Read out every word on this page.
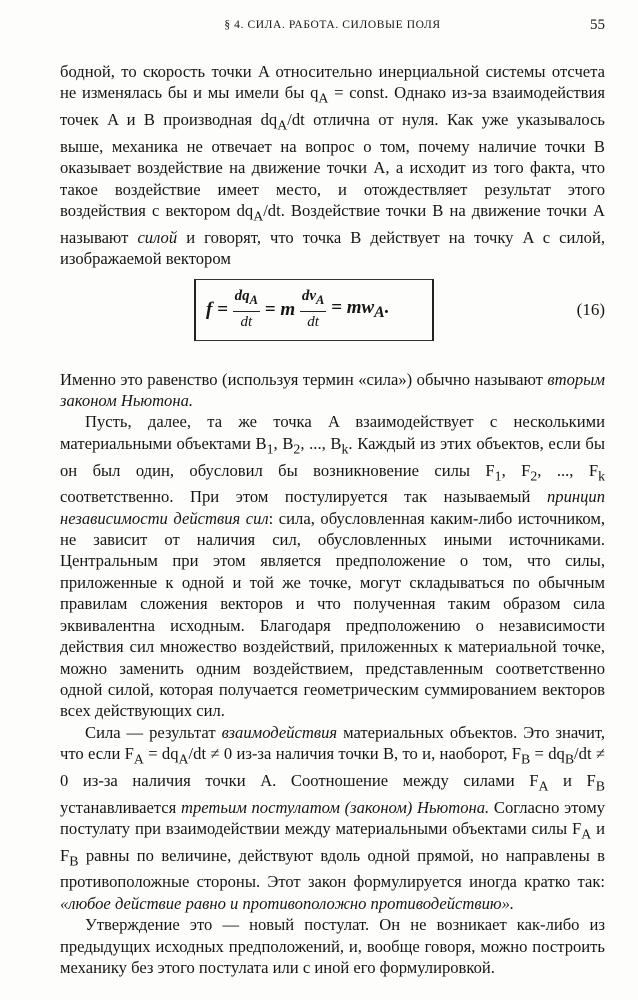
§ 4. СИЛА. РАБОТА. СИЛОВЫЕ ПОЛЯ	55

бодной, то скорость точки A относительно инерциальной системы отсчета не изменялась бы и мы имели бы $q_A$ = const. Однако из-за взаимодействия точек A и B производная $dq_A/dt$ отлична от нуля. Как уже указывалось выше, механика не отвечает на вопрос о том, почему наличие точки B оказывает воздействие на движение точки A, а исходит из того факта, что такое воздействие имеет место, и отождествляет результат этого воздействия с вектором $dq_A/dt$. Воздействие точки B на движение точки A называют силой и говорят, что точка B действует на точку A с силой, изображаемой вектором

$f = \frac{dq_A}{dt} = m \frac{dv_A}{dt} = mw_A$.	(16)

Именно это равенство (используя термин «сила») обычно называют вторым законом Ньютона.

Пусть, далее, та же точка A взаимодействует с несколькими материальными объектами $B_1$, $B_2$, ..., $B_k$. Каждый из этих объектов, если бы он был один, обусловил бы возникновение силы $F_1$, $F_2$, ..., $F_k$ соответственно. При этом постулируется так называемый принцип независимости действия сил: сила, обусловленная каким-либо источником, не зависит от наличия сил, обусловленных иными источниками. Центральным при этом является предположение о том, что силы, приложенные к одной и той же точке, могут складываться по обычным правилам сложения векторов и что полученная таким образом сила эквивалентна исходным. Благодаря предположению о независимости действия сил множество воздействий, приложенных к материальной точке, можно заменить одним воздействием, представленным соответственно одной силой, которая получается геометрическим суммированием векторов всех действующих сил.

Сила — результат взаимодействия материальных объектов. Это значит, что если $F_A = dq_A/dt \ne 0$ из-за наличия точки B, то и, наоборот, $F_B = dq_B/dt \ne 0$ из-за наличия точки A. Соотношение между силами $F_A$ и $F_B$ устанавливается третьим постулатом (законом) Ньютона. Согласно этому постулату при взаимодействии между материальными объектами силы $F_A$ и $F_B$ равны по величине, действуют вдоль одной прямой, но направлены в противоположные стороны. Этот закон формулируется иногда кратко так: «любое действие равно и противоположно противодействию».

Утверждение это — новый постулат. Он не возникает как-либо из предыдущих исходных предположений, и, вообще говоря, можно построить механику без этого постулата или с иной его формулировкой.
